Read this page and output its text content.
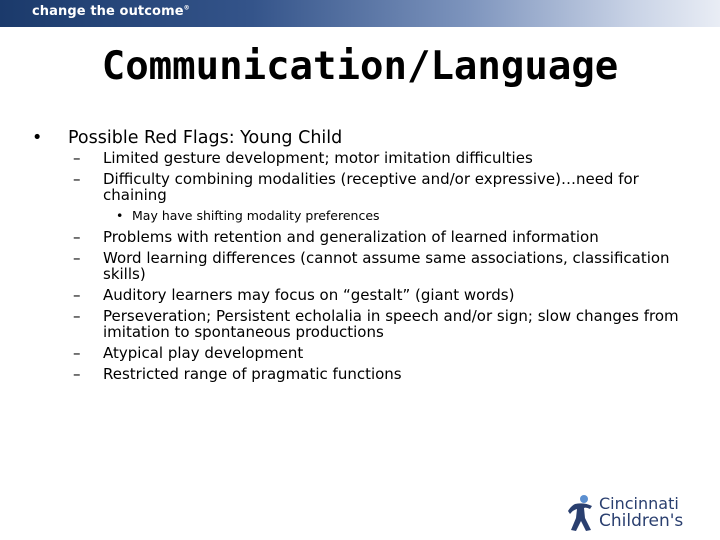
change the outcome®
Communication/Language
• Possible Red Flags: Young Child
– Limited gesture development; motor imitation difficulties
– Difficulty combining modalities (receptive and/or expressive)…need for chaining
• May have shifting modality preferences
– Problems with retention and generalization of learned information
– Word learning differences (cannot assume same associations, classification skills)
– Auditory learners may focus on “gestalt” (giant words)
– Perseveration; Persistent echolalia in speech and/or sign; slow changes from imitation to spontaneous productions
– Atypical play development
– Restricted range of pragmatic functions
Cincinnati
Children's
